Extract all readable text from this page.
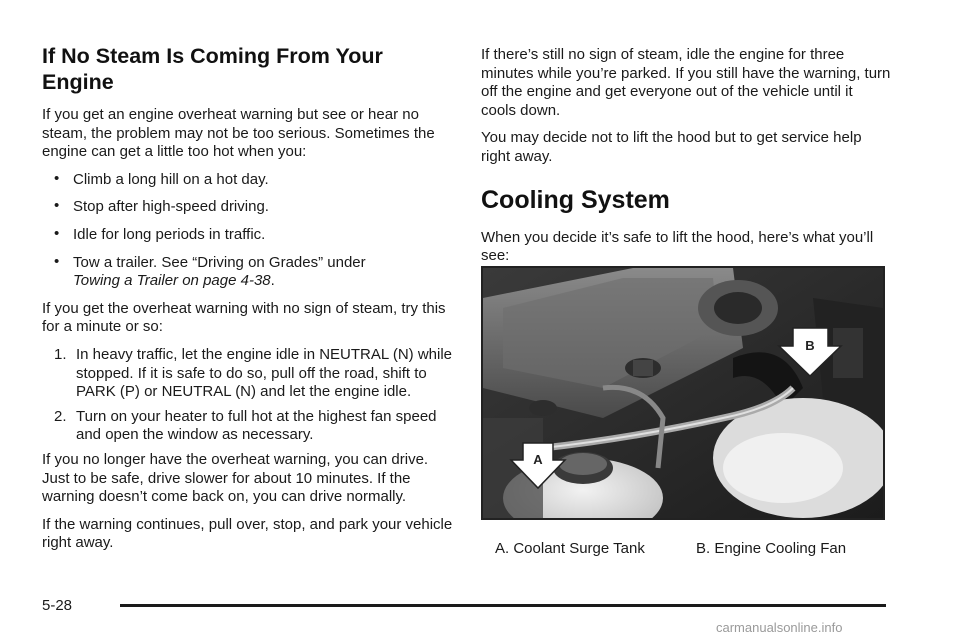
If No Steam Is Coming From Your Engine

If you get an engine overheat warning but see or hear no steam, the problem may not be too serious. Sometimes the engine can get a little too hot when you:

• Climb a long hill on a hot day.
• Stop after high-speed driving.
• Idle for long periods in traffic.
• Tow a trailer. See “Driving on Grades” under
Towing a Trailer on page 4-38.

If you get the overheat warning with no sign of steam, try this for a minute or so:

1. In heavy traffic, let the engine idle in NEUTRAL (N) while stopped. If it is safe to do so, pull off the road, shift to PARK (P) or NEUTRAL (N) and let the engine idle.
2. Turn on your heater to full hot at the highest fan speed and open the window as necessary.

If you no longer have the overheat warning, you can drive. Just to be safe, drive slower for about 10 minutes. If the warning doesn’t come back on, you can drive normally.

If the warning continues, pull over, stop, and park your vehicle right away.

If there’s still no sign of steam, idle the engine for three minutes while you’re parked. If you still have the warning, turn off the engine and get everyone out of the vehicle until it cools down.

You may decide not to lift the hood but to get service help right away.

Cooling System

When you decide it’s safe to lift the hood, here’s what you’ll see:

B
A
A. Coolant Surge Tank	B. Engine Cooling Fan
5-28
carmanualsonline.info
